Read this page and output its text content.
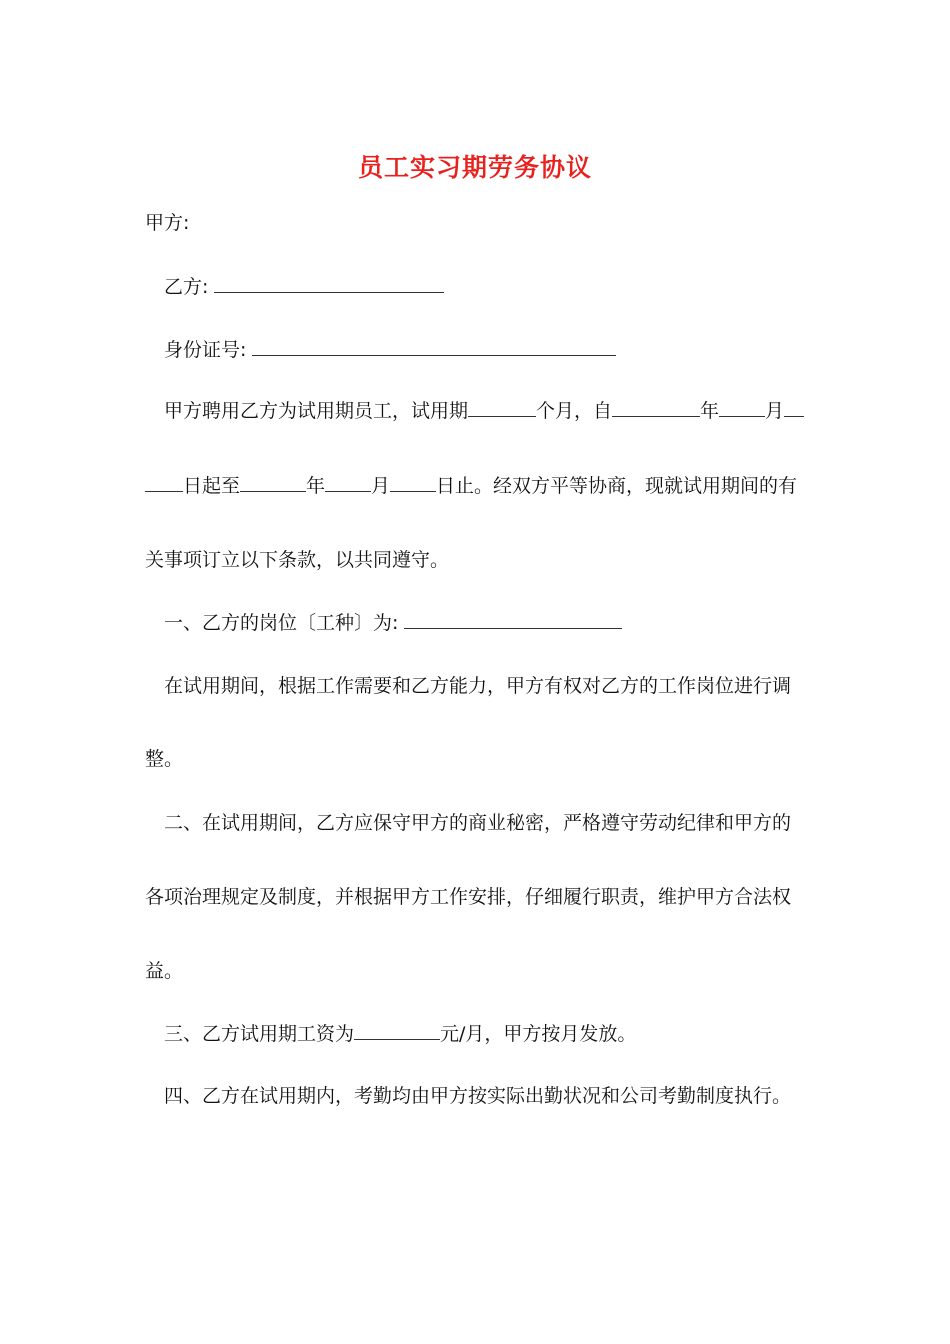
员工实习期劳务协议
甲方:
乙方:
身份证号:
甲方聘用乙方为试用期员工，试用期	个月，自	年 月
日起至	年 月 日止。经双方平等协商，现就试用期间的有
关事项订立以下条款，以共同遵守。
一、乙方的岗位〔工种〕为:
在试用期间，根据工作需要和乙方能力，甲方有权对乙方的工作岗位进行调
整。
二、在试用期间，乙方应保守甲方的商业秘密，严格遵守劳动纪律和甲方的
各项治理规定及制度，并根据甲方工作安排，仔细履行职责，维护甲方合法权
益。
三、乙方试用期工资为	元/月，甲方按月发放。
四、乙方在试用期内，考勤均由甲方按实际出勤状况和公司考勤制度执行。
